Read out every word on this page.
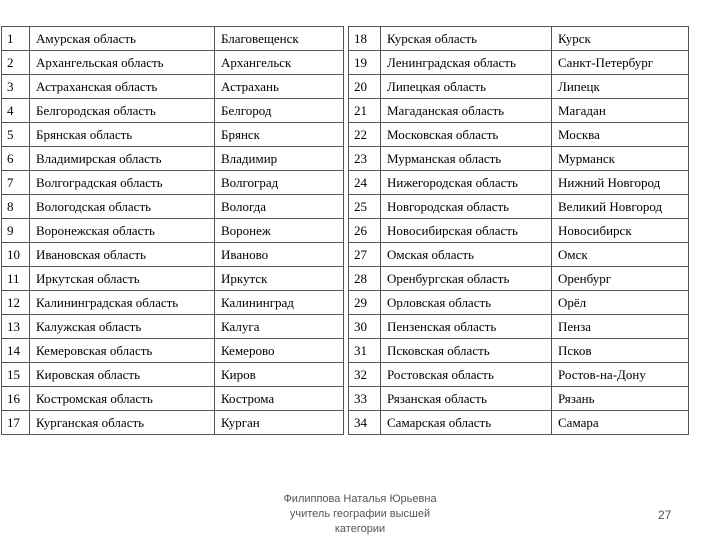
1	Амурская область	Благовещенск
2	Архангельская область	Архангельск
3	Астраханская область	Астрахань
4	Белгородская область	Белгород
5	Брянская область	Брянск
6	Владимирская область	Владимир
7	Волгоградская область	Волгоград
8	Вологодская область	Вологда
9	Воронежская область	Воронеж
10	Ивановская область	Иваново
11	Иркутская область	Иркутск
12	Калининградская область	Калининград
13	Калужская область	Калуга
14	Кемеровская область	Кемерово
15	Кировская область	Киров
16	Костромская область	Кострома
17	Курганская область	Курган
18	Курская область	Курск
19	Ленинградская область	Санкт-Петербург
20	Липецкая область	Липецк
21	Магаданская область	Магадан
22	Московская область	Москва
23	Мурманская область	Мурманск
24	Нижегородская область	Нижний Новгород
25	Новгородская область	Великий Новгород
26	Новосибирская область	Новосибирск
27	Омская область	Омск
28	Оренбургская область	Оренбург
29	Орловская область	Орёл
30	Пензенская область	Пенза
31	Псковская область	Псков
32	Ростовская область	Ростов-на-Дону
33	Рязанская область	Рязань
34	Самарская область	Самара
Филиппова Наталья Юрьевна
учитель географии высшей
категории
27
